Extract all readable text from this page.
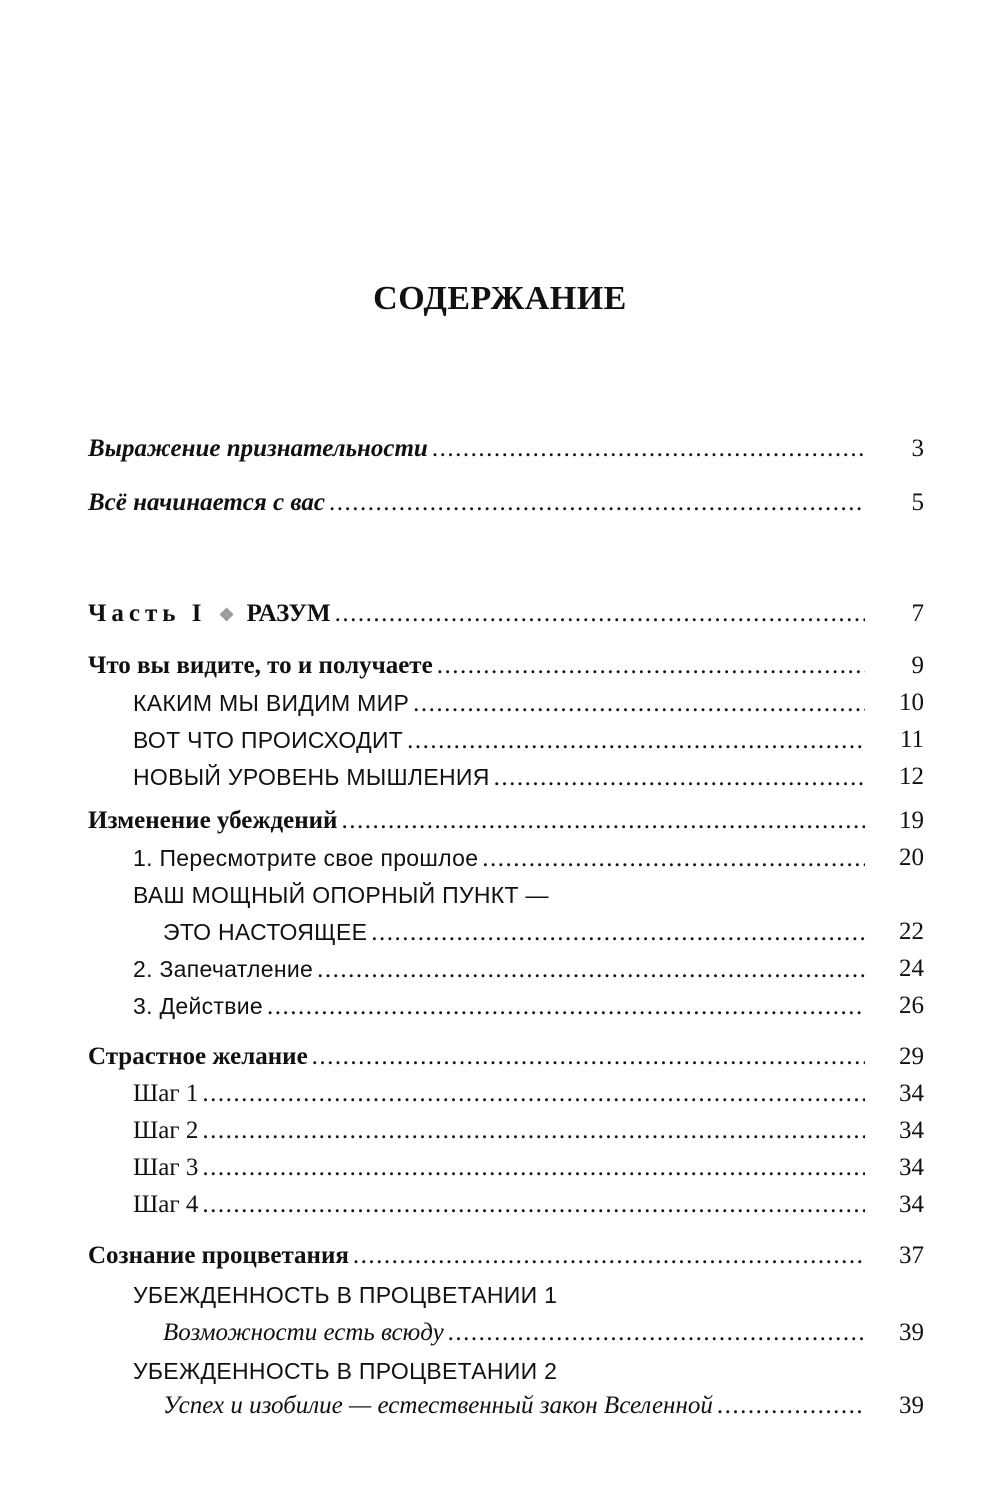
СОДЕРЖАНИЕ
Выражение признательности .....	3
Всё начинается с вас .....	5
Часть I ❖ РАЗУМ .....	7
Что вы видите, то и получаете .....	9
КАКИМ МЫ ВИДИМ МИР .....	10
ВОТ ЧТО ПРОИСХОДИТ .....	11
НОВЫЙ УРОВЕНЬ МЫШЛЕНИЯ .....	12
Изменение убеждений .....	19
1. Пересмотрите свое прошлое .....	20
ВАШ МОЩНЫЙ ОПОРНЫЙ ПУНКТ —
ЭТО НАСТОЯЩЕЕ .....	22
2. Запечатление .....	24
3. Действие .....	26
Страстное желание .....	29
Шаг 1 .....	34
Шаг 2 .....	34
Шаг 3 .....	34
Шаг 4 .....	34
Сознание процветания .....	37
УБЕЖДЕННОСТЬ В ПРОЦВЕТАНИИ 1
Возможности есть всюду .....	39
УБЕЖДЕННОСТЬ В ПРОЦВЕТАНИИ 2
Успех и изобилие — естественный закон Вселенной .....	39
